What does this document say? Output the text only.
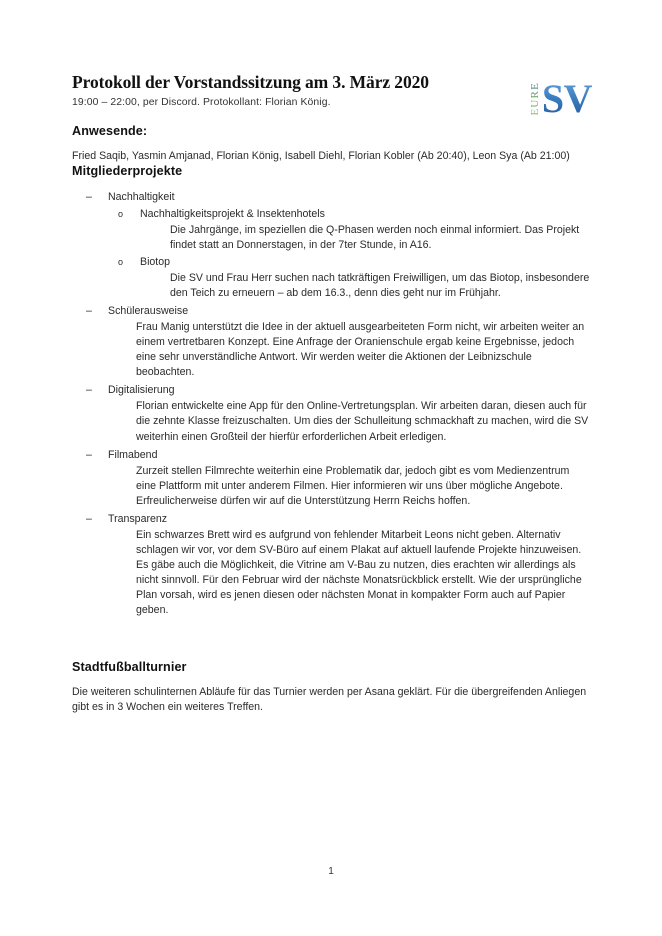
Protokoll der Vorstandssitzung am 3. März 2020

19:00 – 22:00, per Discord. Protokollant: Florian König.	EURE SV
Anwesende:

Fried Saqib, Yasmin Amjanad, Florian König, Isabell Diehl, Florian Kobler (Ab 20:40), Leon Sya (Ab 21:00)

Mitgliederprojekte
–	Nachhaltigkeit
o	Nachhaltigkeitsprojekt & Insektenhotels
Die Jahrgänge, im speziellen die Q-Phasen werden noch einmal informiert. Das Projekt findet statt an Donnerstagen, in der 7ter Stunde, in A16.
o	Biotop
Die SV und Frau Herr suchen nach tatkräftigen Freiwilligen, um das Biotop, insbesondere den Teich zu erneuern – ab dem 16.3., denn dies geht nur im Frühjahr.
–	Schülerausweise
Frau Manig unterstützt die Idee in der aktuell ausgearbeiteten Form nicht, wir arbeiten weiter an einem vertretbaren Konzept. Eine Anfrage der Oranienschule ergab keine Ergebnisse, jedoch eine sehr unverständliche Antwort. Wir werden weiter die Aktionen der Leibnizschule beobachten.
–	Digitalisierung
Florian entwickelte eine App für den Online-Vertretungsplan. Wir arbeiten daran, diesen auch für die zehnte Klasse freizuschalten. Um dies der Schulleitung schmackhaft zu machen, wird die SV weiterhin einen Großteil der hierfür erforderlichen Arbeit erledigen.
–	Filmabend
Zurzeit stellen Filmrechte weiterhin eine Problematik dar, jedoch gibt es vom Medienzentrum eine Plattform mit unter anderem Filmen. Hier informieren wir uns über mögliche Angebote. Erfreulicherweise dürfen wir auf die Unterstützung Herrn Reichs hoffen.
–	Transparenz
Ein schwarzes Brett wird es aufgrund von fehlender Mitarbeit Leons nicht geben. Alternativ schlagen wir vor, vor dem SV-Büro auf einem Plakat auf aktuell laufende Projekte hinzuweisen. Es gäbe auch die Möglichkeit, die Vitrine am V-Bau zu nutzen, dies erachten wir allerdings als nicht sinnvoll. Für den Februar wird der nächste Monatsrückblick erstellt. Wie der ursprüngliche Plan vorsah, wird es jenen diesen oder nächsten Monat in kompakter Form auch auf Papier geben.
Stadtfußballturnier

Die weiteren schulinternen Abläufe für das Turnier werden per Asana geklärt. Für die übergreifenden Anliegen gibt es in 3 Wochen ein weiteres Treffen.

1
